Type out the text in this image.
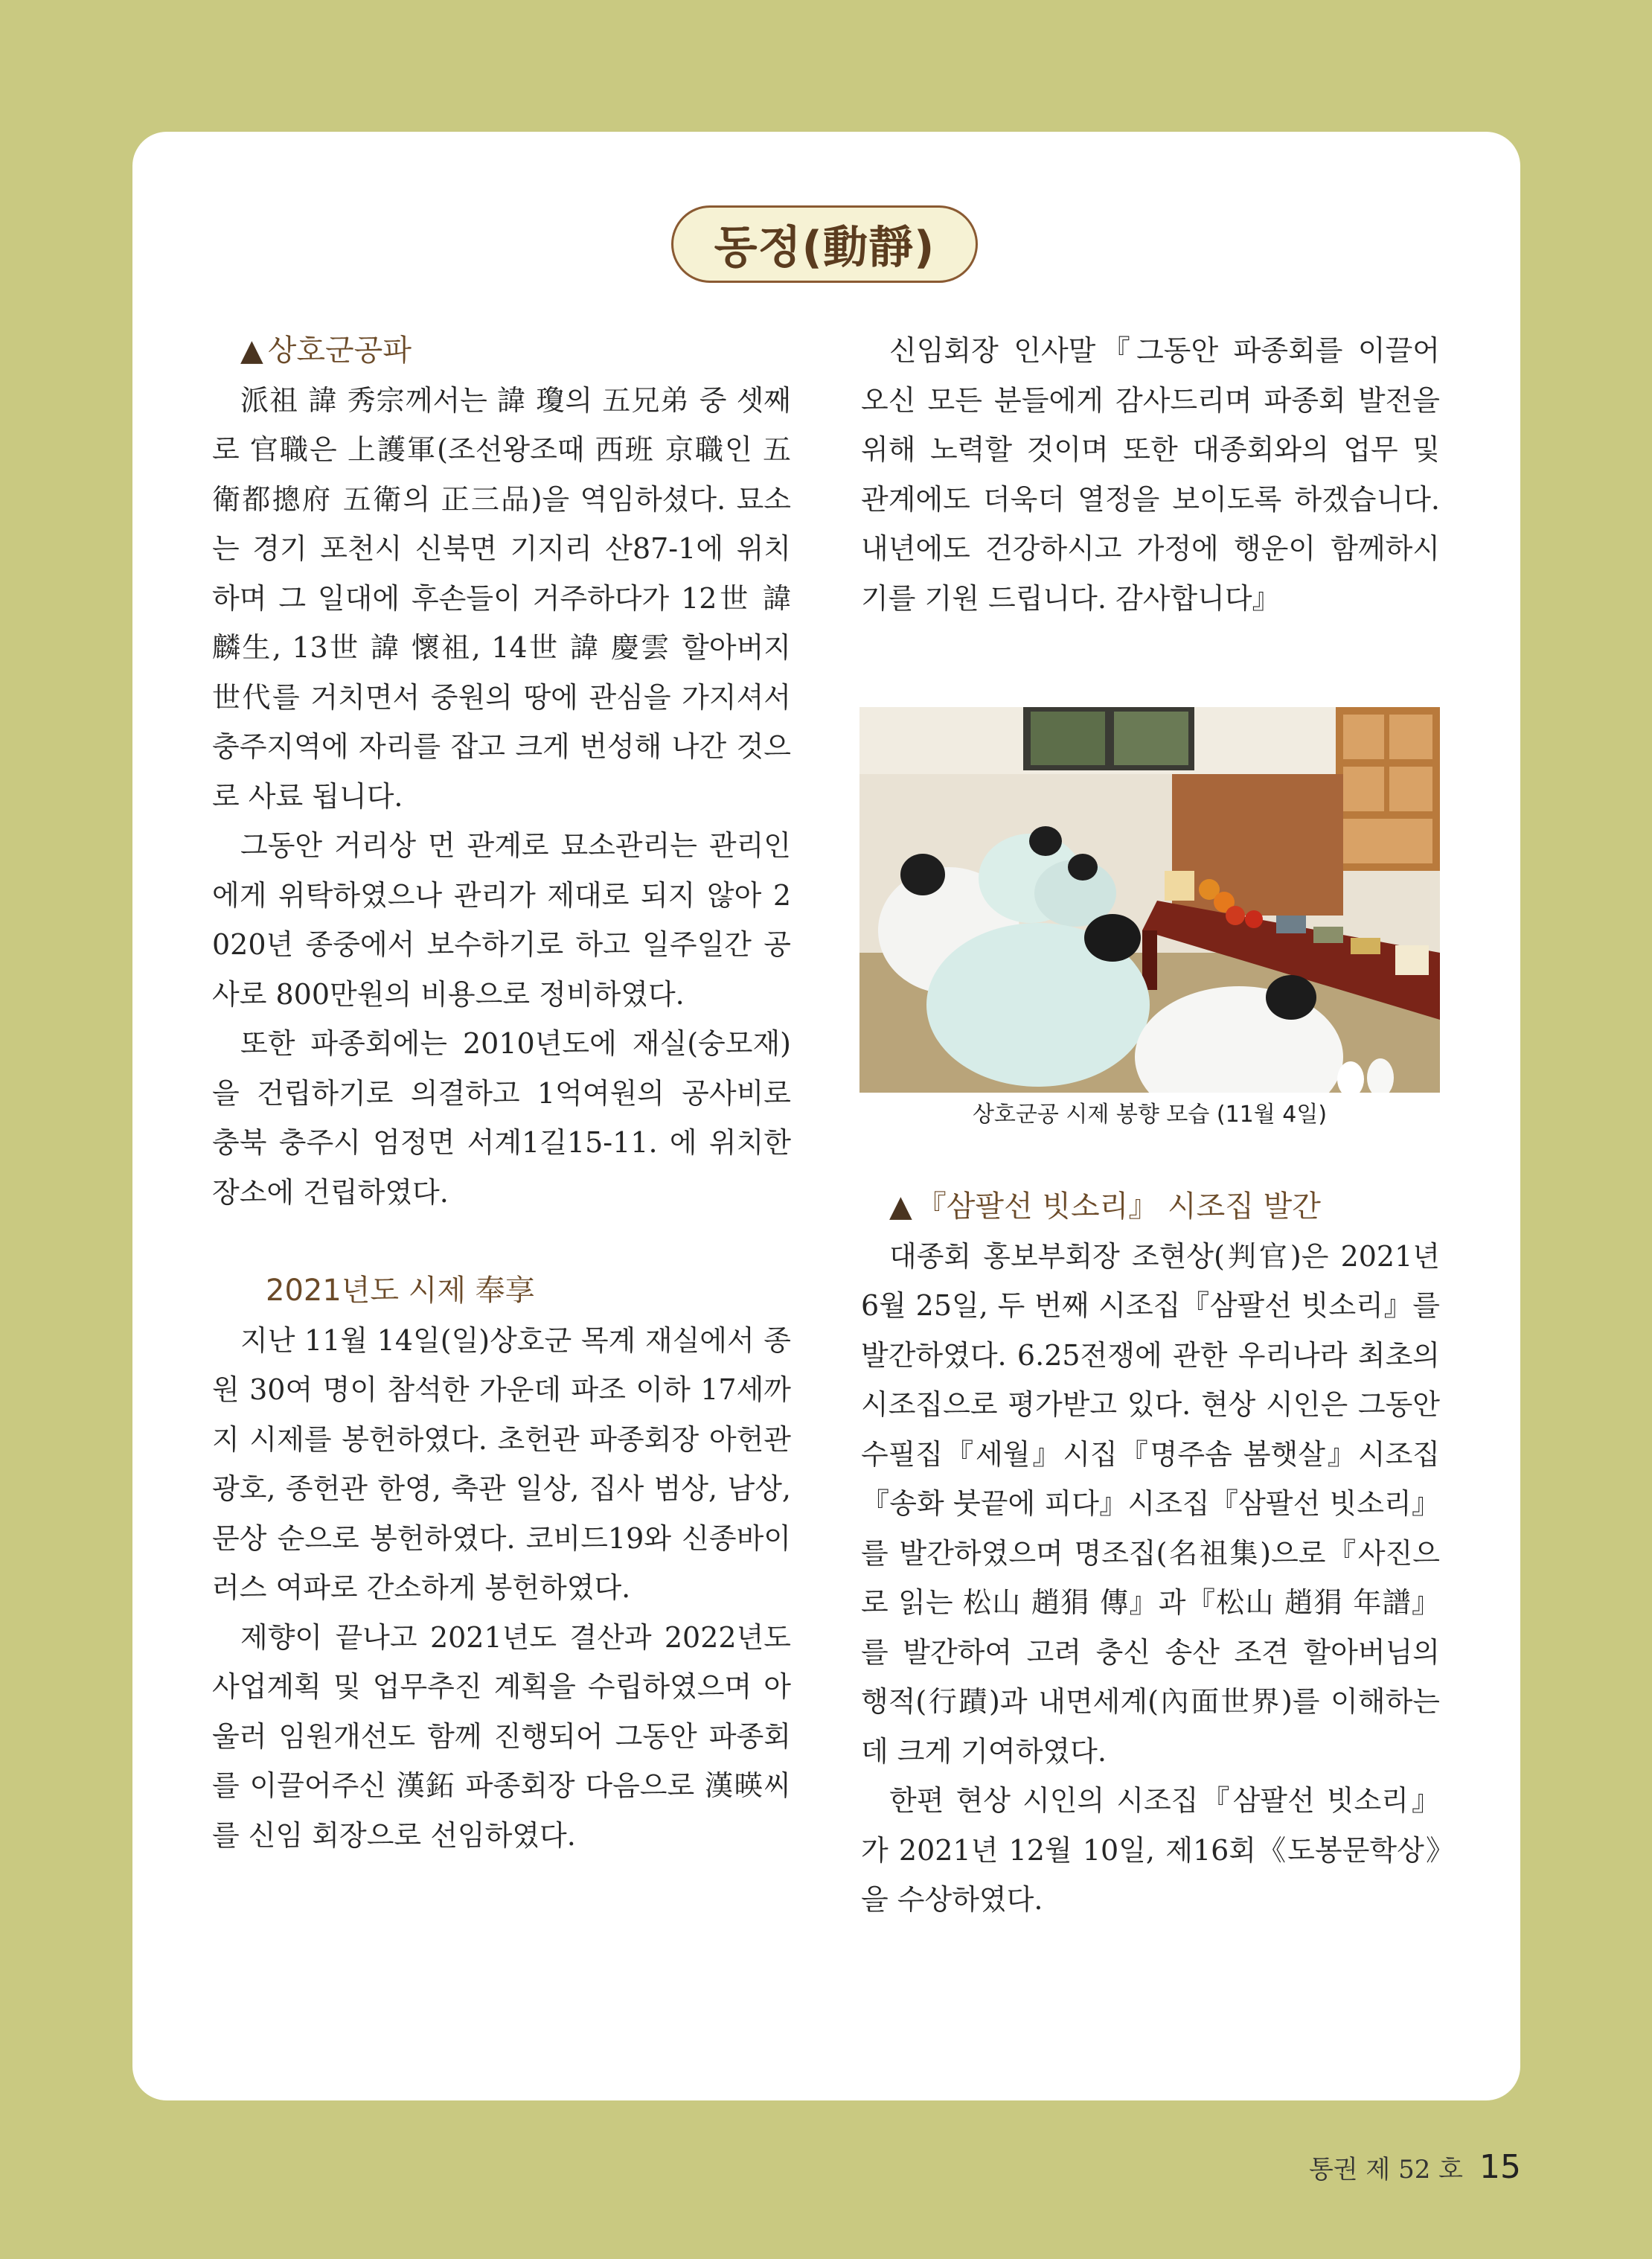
동정(動靜)

▲ 상호군공파

派祖 諱 秀宗께서는 諱 瓊의 五兄弟 중 셋째로 官職은 上護軍(조선왕조때 西班 京職인 五衛都摠府 五衛의 正三品)을 역임하셨다. 묘소는 경기 포천시 신북면 기지리 산87-1에 위치하며 그 일대에 후손들이 거주하다가 12世 諱 麟生, 13世 諱 懷祖, 14世 諱 慶雲 할아버지 世代를 거치면서 중원의 땅에 관심을 가지셔서 충주지역에 자리를 잡고 크게 번성해 나간 것으로 사료 됩니다.

그동안 거리상 먼 관계로 묘소관리는 관리인에게 위탁하였으나 관리가 제대로 되지 않아 2020년 종중에서 보수하기로 하고 일주일간 공사로 800만원의 비용으로 정비하였다.

또한 파종회에는 2010년도에 재실(숭모재)을 건립하기로 의결하고 1억여원의 공사비로 충북 충주시 엄정면 서계1길15-11. 에 위치한 장소에 건립하였다.

2021년도 시제 奉享

지난 11월 14일(일)상호군 목계 재실에서 종원 30여 명이 참석한 가운데 파조 이하 17세까지 시제를 봉헌하였다. 초헌관 파종회장 아헌관 광호, 종헌관 한영, 축관 일상, 집사 범상, 남상, 문상 순으로 봉헌하였다. 코비드19와 신종바이러스 여파로 간소하게 봉헌하였다.

제향이 끝나고 2021년도 결산과 2022년도 사업계획 및 업무추진 계획을 수립하였으며 아울러 임원개선도 함께 진행되어 그동안 파종회를 이끌어주신 漢鉐 파종회장 다음으로 漢暎씨를 신임 회장으로 선임하였다.

신임회장 인사말『그동안 파종회를 이끌어 오신 모든 분들에게 감사드리며 파종회 발전을 위해 노력할 것이며 또한 대종회와의 업무 및 관계에도 더욱더 열정을 보이도록 하겠습니다. 내년에도 건강하시고 가정에 행운이 함께하시기를 기원 드립니다. 감사합니다』

상호군공 시제 봉향 모습 (11월 4일)

▲ 『삼팔선 빗소리』 시조집 발간

대종회 홍보부회장 조현상(判官)은 2021년 6월 25일, 두 번째 시조집『삼팔선 빗소리』를 발간하였다. 6.25전쟁에 관한 우리나라 최초의 시조집으로 평가받고 있다. 현상 시인은 그동안 수필집『세월』시집『명주솜 봄햇살』시조집『송화 붓끝에 피다』시조집『삼팔선 빗소리』를 발간하였으며 명조집(名祖集)으로『사진으로 읽는 松山 趙狷 傳』과『松山 趙狷 年譜』를 발간하여 고려 충신 송산 조견 할아버님의 행적(行蹟)과 내면세계(內面世界)를 이해하는 데 크게 기여하였다.

한편 현상 시인의 시조집『삼팔선 빗소리』가 2021년 12월 10일, 제16회《도봉문학상》을 수상하였다.

통권 제 52 호 15
